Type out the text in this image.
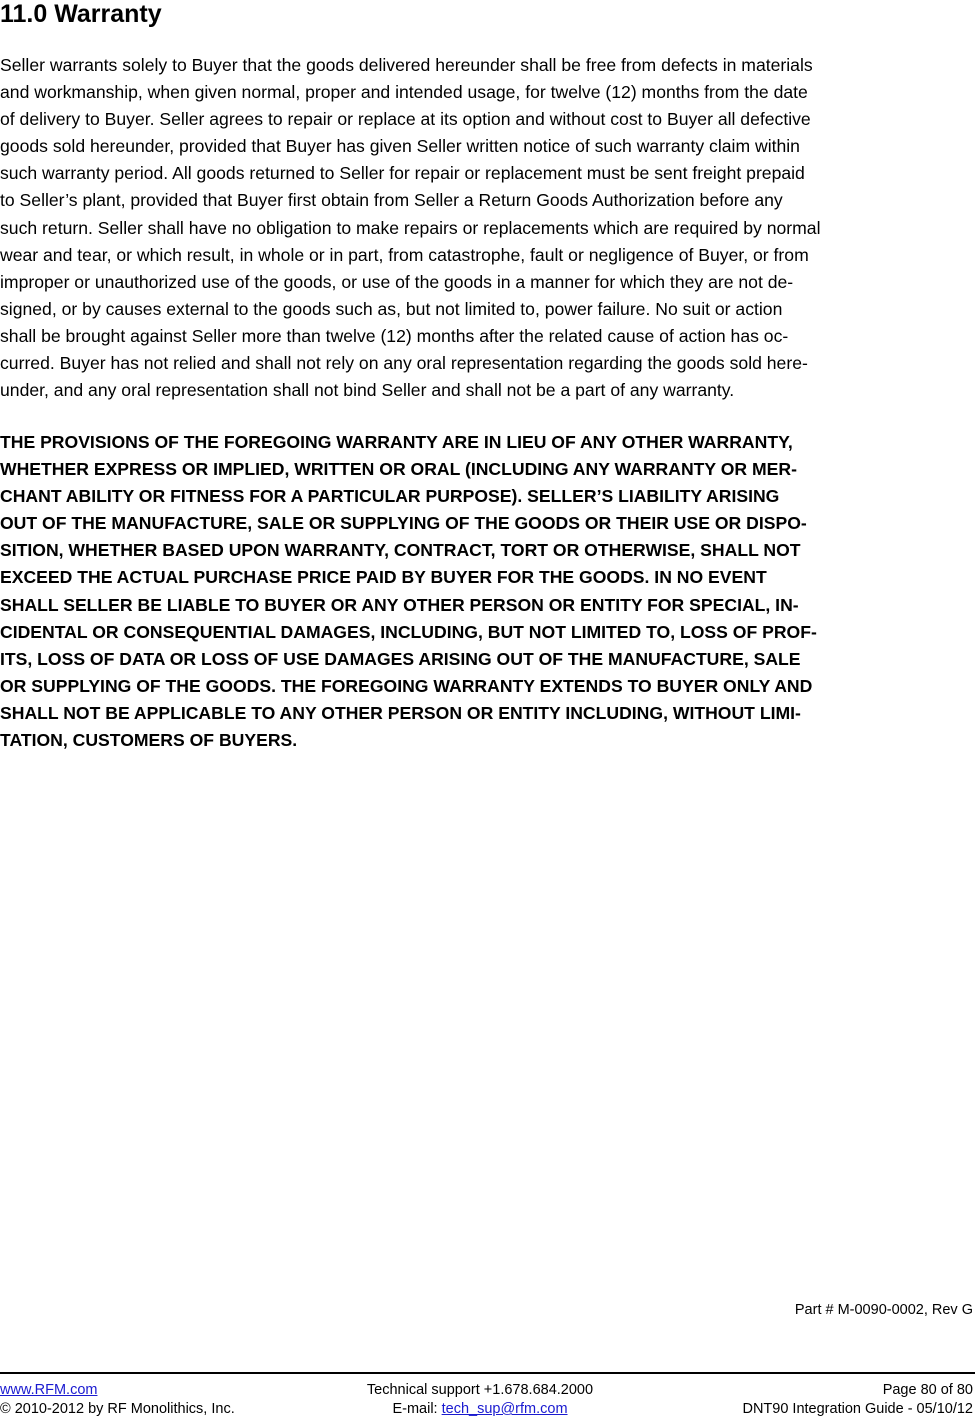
11.0 Warranty

Seller warrants solely to Buyer that the goods delivered hereunder shall be free from defects in materials
and workmanship, when given normal, proper and intended usage, for twelve (12) months from the date
of delivery to Buyer. Seller agrees to repair or replace at its option and without cost to Buyer all defective
goods sold hereunder, provided that Buyer has given Seller written notice of such warranty claim within
such warranty period. All goods returned to Seller for repair or replacement must be sent freight prepaid
to Seller’s plant, provided that Buyer first obtain from Seller a Return Goods Authorization before any
such return. Seller shall have no obligation to make repairs or replacements which are required by normal
wear and tear, or which result, in whole or in part, from catastrophe, fault or negligence of Buyer, or from
improper or unauthorized use of the goods, or use of the goods in a manner for which they are not de-
signed, or by causes external to the goods such as, but not limited to, power failure. No suit or action
shall be brought against Seller more than twelve (12) months after the related cause of action has oc-
curred. Buyer has not relied and shall not rely on any oral representation regarding the goods sold here-
under, and any oral representation shall not bind Seller and shall not be a part of any warranty.

THE PROVISIONS OF THE FOREGOING WARRANTY ARE IN LIEU OF ANY OTHER WARRANTY,
WHETHER EXPRESS OR IMPLIED, WRITTEN OR ORAL (INCLUDING ANY WARRANTY OR MER-
CHANT ABILITY OR FITNESS FOR A PARTICULAR PURPOSE). SELLER’S LIABILITY ARISING
OUT OF THE MANUFACTURE, SALE OR SUPPLYING OF THE GOODS OR THEIR USE OR DISPO-
SITION, WHETHER BASED UPON WARRANTY, CONTRACT, TORT OR OTHERWISE, SHALL NOT
EXCEED THE ACTUAL PURCHASE PRICE PAID BY BUYER FOR THE GOODS. IN NO EVENT
SHALL SELLER BE LIABLE TO BUYER OR ANY OTHER PERSON OR ENTITY FOR SPECIAL, IN-
CIDENTAL OR CONSEQUENTIAL DAMAGES, INCLUDING, BUT NOT LIMITED TO, LOSS OF PROF-
ITS, LOSS OF DATA OR LOSS OF USE DAMAGES ARISING OUT OF THE MANUFACTURE, SALE
OR SUPPLYING OF THE GOODS. THE FOREGOING WARRANTY EXTENDS TO BUYER ONLY AND
SHALL NOT BE APPLICABLE TO ANY OTHER PERSON OR ENTITY INCLUDING, WITHOUT LIMI-
TATION, CUSTOMERS OF BUYERS.

Part # M-0090-0002, Rev G
www.RFM.com
© 2010-2012 by RF Monolithics, Inc.
Technical support +1.678.684.2000
E-mail: tech_sup@rfm.com
Page 80 of 80
DNT90 Integration Guide - 05/10/12
